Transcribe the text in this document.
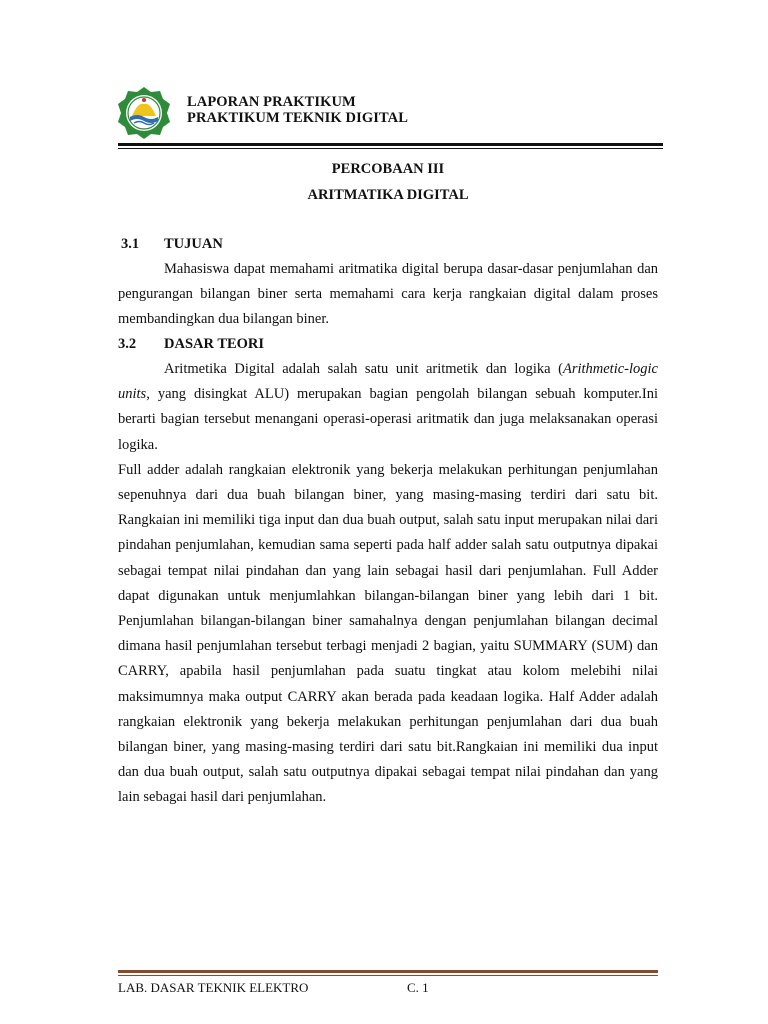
LAPORAN PRAKTIKUM
PRAKTIKUM TEKNIK DIGITAL
PERCOBAAN III
ARITMATIKA DIGITAL
3.1 TUJUAN

Mahasiswa dapat memahami aritmatika digital berupa dasar-dasar penjumlahan dan pengurangan bilangan biner serta memahami cara kerja rangkaian digital dalam proses membandingkan dua bilangan biner.

3.2 DASAR TEORI

Aritmetika Digital adalah salah satu unit aritmetik dan logika (Arithmetic-logic units, yang disingkat ALU) merupakan bagian pengolah bilangan sebuah komputer.Ini berarti bagian tersebut menangani operasi-operasi aritmatik dan juga melaksanakan operasi logika.

Full adder adalah rangkaian elektronik yang bekerja melakukan perhitungan penjumlahan sepenuhnya dari dua buah bilangan biner, yang masing-masing terdiri dari satu bit. Rangkaian ini memiliki tiga input dan dua buah output, salah satu input merupakan nilai dari pindahan penjumlahan, kemudian sama seperti pada half adder salah satu outputnya dipakai sebagai tempat nilai pindahan dan yang lain sebagai hasil dari penjumlahan. Full Adder dapat digunakan untuk menjumlahkan bilangan-bilangan biner yang lebih dari 1 bit. Penjumlahan bilangan-bilangan biner samahalnya dengan penjumlahan bilangan decimal dimana hasil penjumlahan tersebut terbagi menjadi 2 bagian, yaitu SUMMARY (SUM) dan CARRY, apabila hasil penjumlahan pada suatu tingkat atau kolom melebihi nilai maksimumnya maka output CARRY akan berada pada keadaan logika. Half Adder adalah rangkaian elektronik yang bekerja melakukan perhitungan penjumlahan dari dua buah bilangan biner, yang masing-masing terdiri dari satu bit.Rangkaian ini memiliki dua input dan dua buah output, salah satu outputnya dipakai sebagai tempat nilai pindahan dan yang lain sebagai hasil dari penjumlahan.

LAB. DASAR TEKNIK ELEKTRO	C. 1
